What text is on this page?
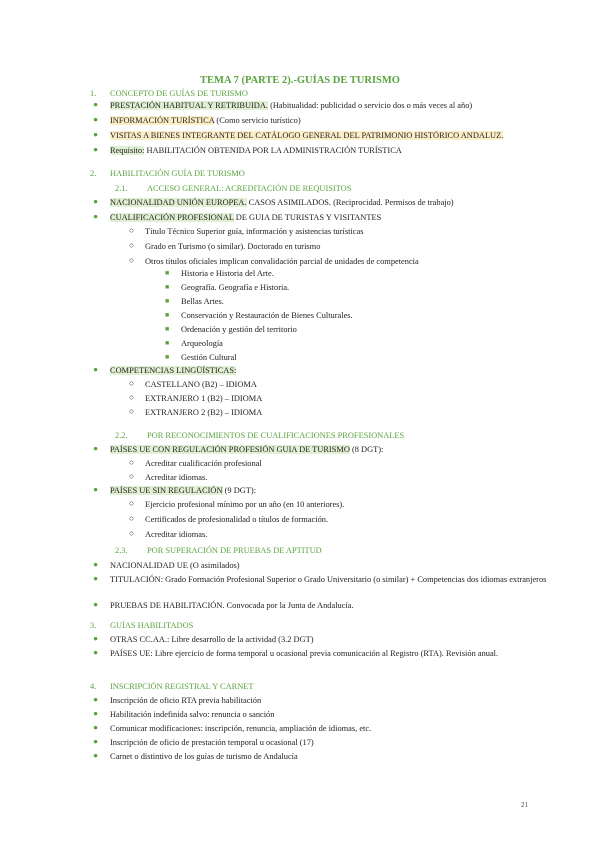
TEMA 7 (PARTE 2).-GUÍAS DE TURISMO
1. CONCEPTO DE GUÍAS DE TURISMO
● PRESTACIÓN HABITUAL Y RETRIBUIDA. (Habitualidad: publicidad o servicio dos o más veces al año)
● INFORMACIÓN TURÍSTICA (Como servicio turístico)
● VISITAS A BIENES INTEGRANTE DEL CATÁLOGO GENERAL DEL PATRIMONIO HISTÓRICO ANDALUZ.
● Requisito: HABILITACIÓN OBTENIDA POR LA ADMINISTRACIÓN TURÍSTICA
2. HABILITACIÓN GUÍA DE TURISMO
2.1. ACCESO GENERAL: ACREDITACIÓN DE REQUISITOS
● NACIONALIDAD UNIÓN EUROPEA. CASOS ASIMILADOS. (Reciprocidad. Permisos de trabajo)
● CUALIFICACIÓN PROFESIONAL DE GUIA DE TURISTAS Y VISITANTES
○ Título Técnico Superior guía, información y asistencias turísticas
○ Grado en Turismo (o similar). Doctorado en turismo
○ Otros títulos oficiales implican convalidación parcial de unidades de competencia
■ Historia e Historia del Arte.
■ Geografía. Geografía e Historia.
■ Bellas Artes.
■ Conservación y Restauración de Bienes Culturales.
■ Ordenación y gestión del territorio
■ Arqueología
■ Gestión Cultural
● COMPETENCIAS LINGÜÍSTICAS:
○ CASTELLANO (B2) – IDIOMA
○ EXTRANJERO 1 (B2) – IDIOMA
○ EXTRANJERO 2 (B2) – IDIOMA
2.2. POR RECONOCIMIENTOS DE CUALIFICACIONES PROFESIONALES
● PAÍSES UE CON REGULACIÓN PROFESIÓN GUIA DE TURISMO (8 DGT):
○ Acreditar cualificación profesional
○ Acreditar idiomas.
● PAÍSES UE SIN REGULACIÓN (9 DGT):
○ Ejercicio profesional mínimo por un año (en 10 anteriores).
○ Certificados de profesionalidad o títulos de formación.
○ Acreditar idiomas.
2.3. POR SUPERACIÓN DE PRUEBAS DE APTITUD
● NACIONALIDAD UE (O asimilados)
● TITULACIÓN: Grado Formación Profesional Superior o Grado Universitario (o similar) + Competencias dos idiomas extranjeros
● PRUEBAS DE HABILITACIÓN. Convocada por la Junta de Andalucía.
3. GUÍAS HABILITADOS
● OTRAS CC.AA.: Libre desarrollo de la actividad (3.2 DGT)
● PAÍSES UE: Libre ejercicio de forma temporal u ocasional previa comunicación al Registro (RTA). Revisión anual.
4. INSCRIPCIÓN REGISTRAL Y CARNET
● Inscripción de oficio RTA previa habilitación
● Habilitación indefinida salvo: renuncia o sanción
● Comunicar modificaciones: inscripción, renuncia, ampliación de idiomas, etc.
● Inscripción de oficio de prestación temporal u ocasional (17)
● Carnet o distintivo de los guías de turismo de Andalucía
21
